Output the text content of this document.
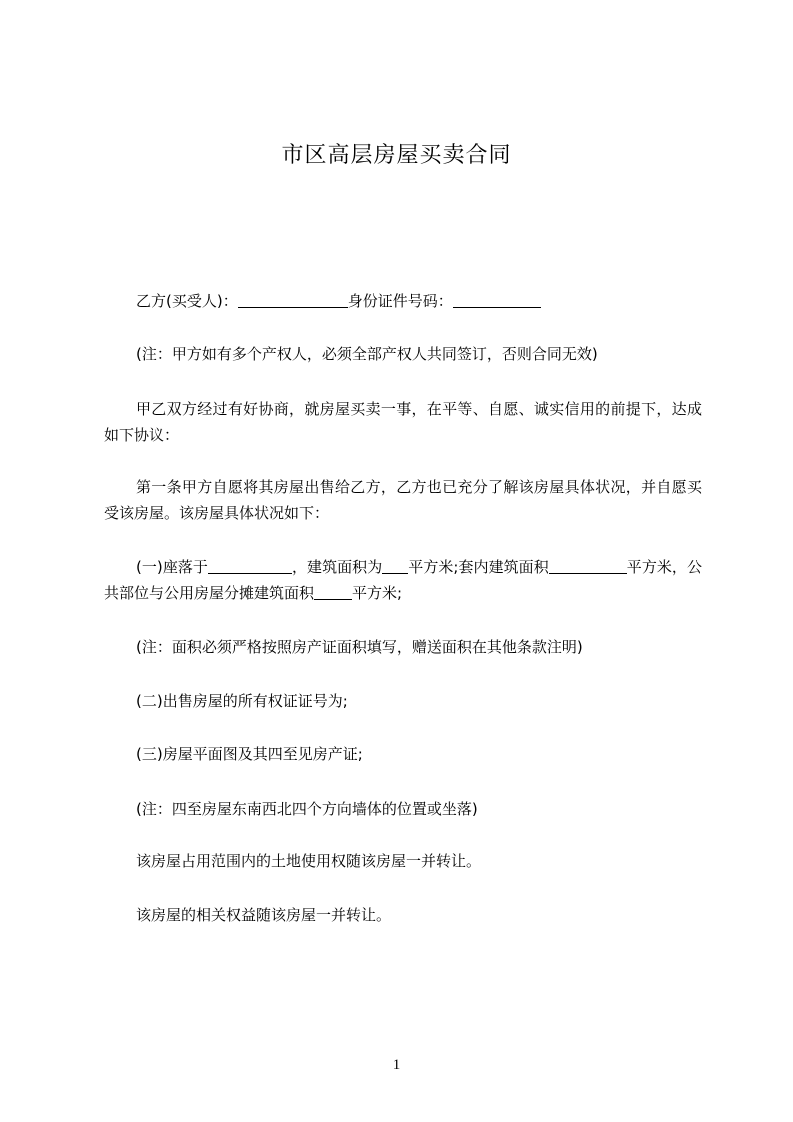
市区高层房屋买卖合同
乙方(买受人)：	身份证件号码：
(注：甲方如有多个产权人，必须全部产权人共同签订，否则合同无效)
甲乙双方经过有好协商，就房屋买卖一事，在平等、自愿、诚实信用的前提下，达成如下协议：
第一条甲方自愿将其房屋出售给乙方，乙方也已充分了解该房屋具体状况，并自愿买受该房屋。该房屋具体状况如下：
(一)座落于	，建筑面积为 平方米;套内建筑面积	平方米，公共部位与公用房屋分摊建筑面积	平方米;
(注：面积必须严格按照房产证面积填写，赠送面积在其他条款注明)
(二)出售房屋的所有权证证号为;
(三)房屋平面图及其四至见房产证;
(注：四至房屋东南西北四个方向墙体的位置或坐落)
该房屋占用范围内的土地使用权随该房屋一并转让。
该房屋的相关权益随该房屋一并转让。
1
